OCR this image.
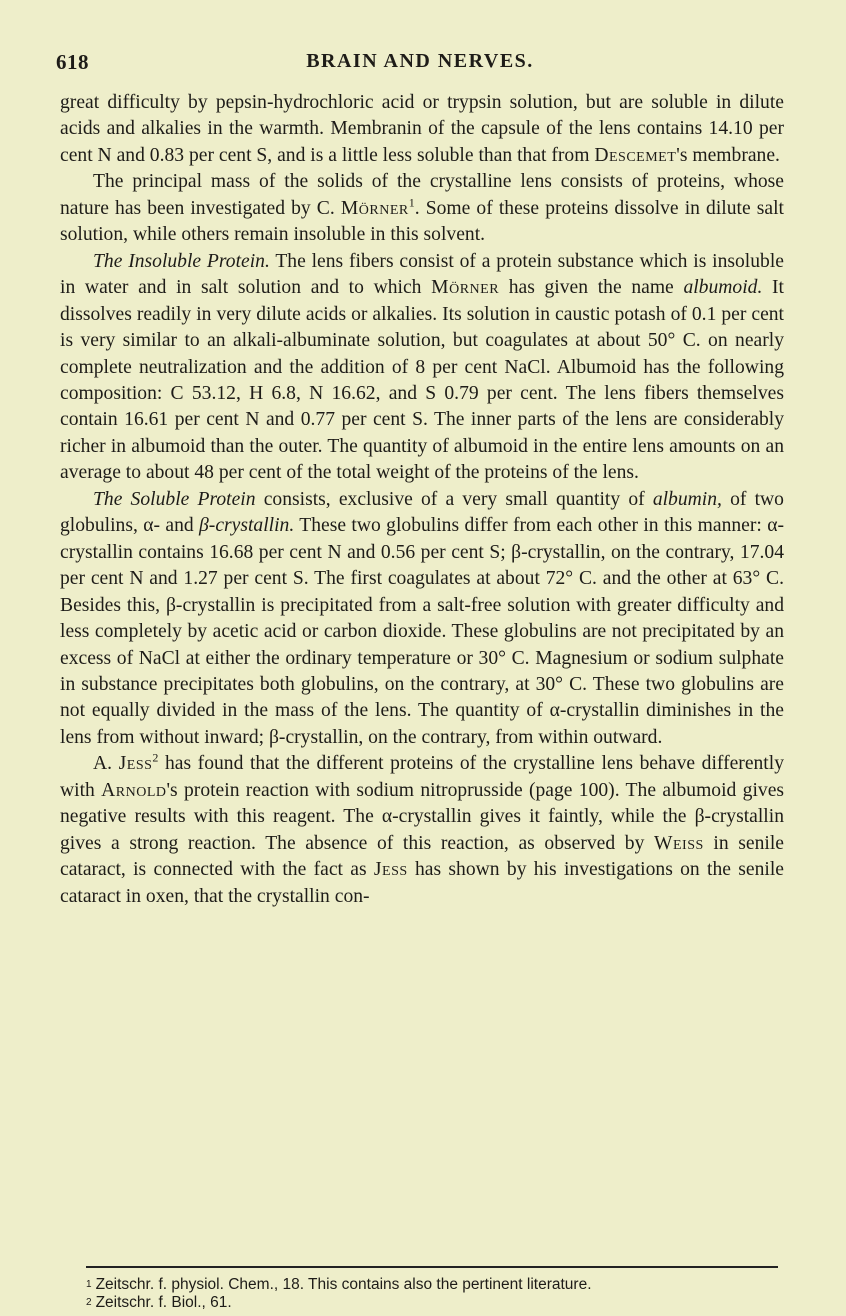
618	BRAIN AND NERVES.

great difficulty by pepsin-hydrochloric acid or trypsin solution, but are soluble in dilute acids and alkalies in the warmth. Membranin of the capsule of the lens contains 14.10 per cent N and 0.83 per cent S, and is a little less soluble than that from Descemet's membrane.

The principal mass of the solids of the crystalline lens consists of proteins, whose nature has been investigated by C. Mörner$^1$. Some of these proteins dissolve in dilute salt solution, while others remain insoluble in this solvent.

The Insoluble Protein. The lens fibers consist of a protein substance which is insoluble in water and in salt solution and to which Mörner has given the name albumoid. It dissolves readily in very dilute acids or alkalies. Its solution in caustic potash of 0.1 per cent is very similar to an alkali-albuminate solution, but coagulates at about 50° C. on nearly complete neutralization and the addition of 8 per cent NaCl. Albumoid has the following composition: C 53.12, H 6.8, N 16.62, and S 0.79 per cent. The lens fibers themselves contain 16.61 per cent N and 0.77 per cent S. The inner parts of the lens are considerably richer in albumoid than the outer. The quantity of albumoid in the entire lens amounts on an average to about 48 per cent of the total weight of the proteins of the lens.

The Soluble Protein consists, exclusive of a very small quantity of albumin, of two globulins, α- and β-crystallin. These two globulins differ from each other in this manner: α-crystallin contains 16.68 per cent N and 0.56 per cent S; β-crystallin, on the contrary, 17.04 per cent N and 1.27 per cent S. The first coagulates at about 72° C. and the other at 63° C. Besides this, β-crystallin is precipitated from a salt-free solution with greater difficulty and less completely by acetic acid or carbon dioxide. These globulins are not precipitated by an excess of NaCl at either the ordinary temperature or 30° C. Magnesium or sodium sulphate in substance precipitates both globulins, on the contrary, at 30° C. These two globulins are not equally divided in the mass of the lens. The quantity of α-crystallin diminishes in the lens from without inward; β-crystallin, on the contrary, from within outward.

A. Jess$^2$ has found that the different proteins of the crystalline lens behave differently with Arnold's protein reaction with sodium nitroprusside (page 100). The albumoid gives negative results with this reagent. The α-crystallin gives it faintly, while the β-crystallin gives a strong reaction. The absence of this reaction, as observed by Weiss in senile cataract, is connected with the fact as Jess has shown by his investigations on the senile cataract in oxen, that the crystallin con-

$^1$ Zeitschr. f. physiol. Chem., 18. This contains also the pertinent literature.
$^2$ Zeitschr. f. Biol., 61.
